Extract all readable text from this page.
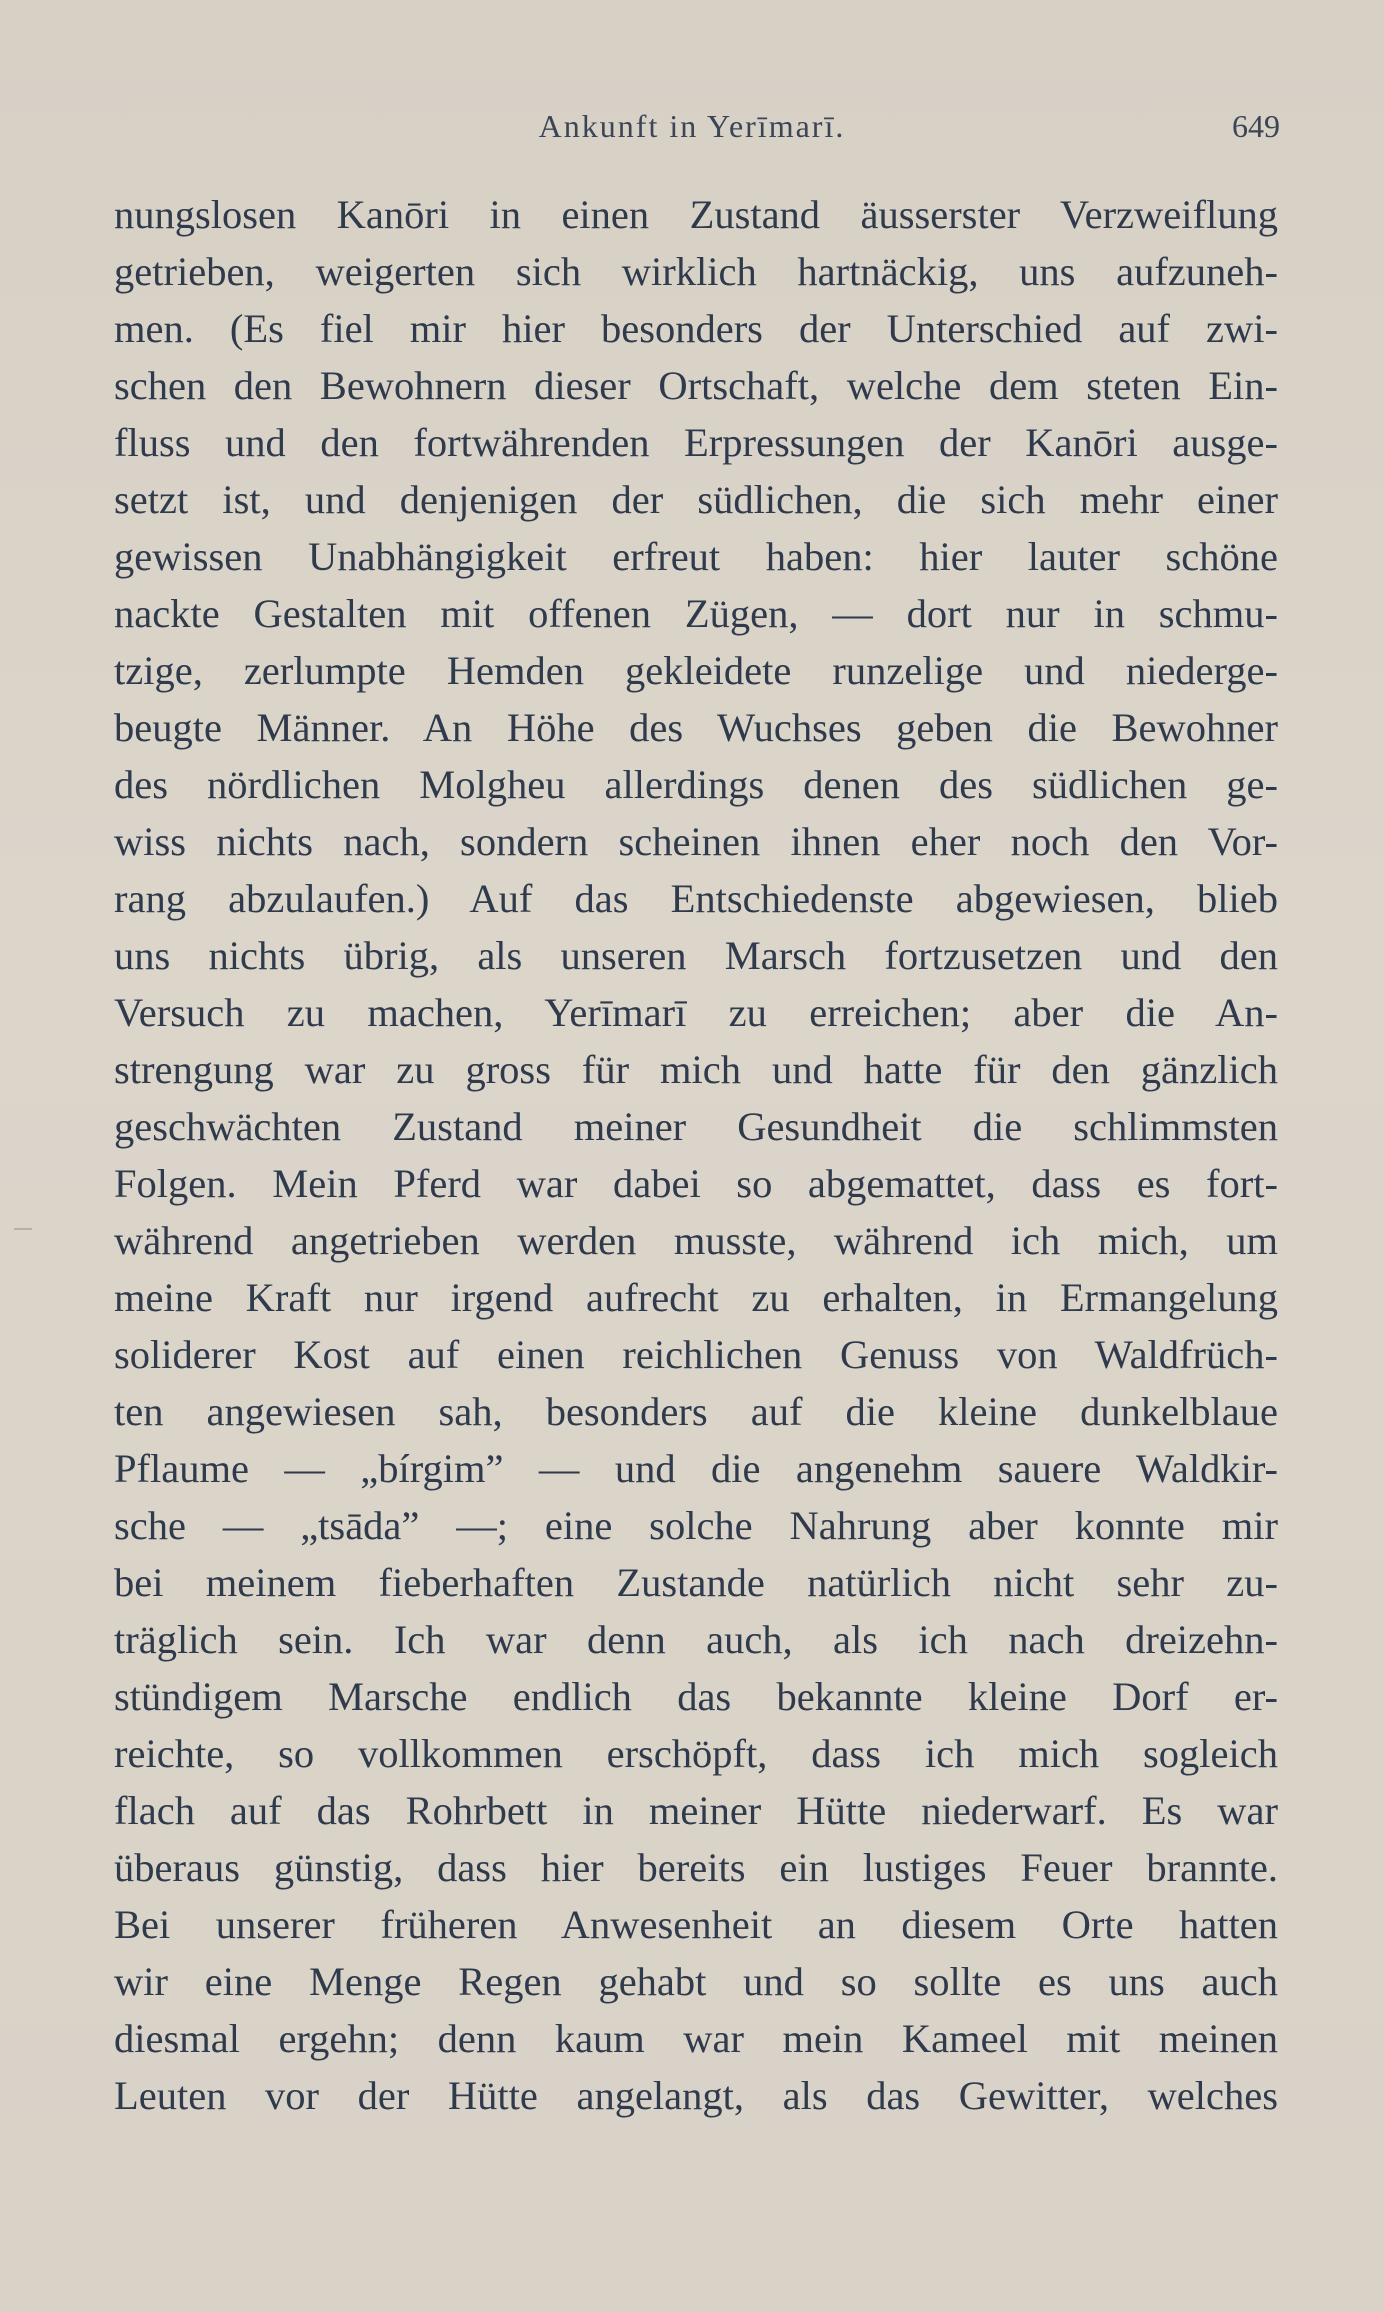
Ankunft in Yerīmarī.	649
nungslosen Kanōri in einen Zustand äusserster Verzweiflung
getrieben, weigerten sich wirklich hartnäckig, uns aufzuneh-
men. (Es fiel mir hier besonders der Unterschied auf zwi-
schen den Bewohnern dieser Ortschaft, welche dem steten Ein-
fluss und den fortwährenden Erpressungen der Kanōri ausge-
setzt ist, und denjenigen der südlichen, die sich mehr einer
gewissen Unabhängigkeit erfreut haben: hier lauter schöne
nackte Gestalten mit offenen Zügen, — dort nur in schmu-
tzige, zerlumpte Hemden gekleidete runzelige und niederge-
beugte Männer. An Höhe des Wuchses geben die Bewohner
des nördlichen Molgheu allerdings denen des südlichen ge-
wiss nichts nach, sondern scheinen ihnen eher noch den Vor-
rang abzulaufen.) Auf das Entschiedenste abgewiesen, blieb
uns nichts übrig, als unseren Marsch fortzusetzen und den
Versuch zu machen, Yerīmarī zu erreichen; aber die An-
strengung war zu gross für mich und hatte für den gänzlich
geschwächten Zustand meiner Gesundheit die schlimmsten
Folgen. Mein Pferd war dabei so abgemattet, dass es fort-
während angetrieben werden musste, während ich mich, um
meine Kraft nur irgend aufrecht zu erhalten, in Ermangelung
soliderer Kost auf einen reichlichen Genuss von Waldfrüch-
ten angewiesen sah, besonders auf die kleine dunkelblaue
Pflaume — „bírgim” — und die angenehm sauere Waldkir-
sche — „tsāda” —; eine solche Nahrung aber konnte mir
bei meinem fieberhaften Zustande natürlich nicht sehr zu-
träglich sein. Ich war denn auch, als ich nach dreizehn-
stündigem Marsche endlich das bekannte kleine Dorf er-
reichte, so vollkommen erschöpft, dass ich mich sogleich
flach auf das Rohrbett in meiner Hütte niederwarf. Es war
überaus günstig, dass hier bereits ein lustiges Feuer brannte.
Bei unserer früheren Anwesenheit an diesem Orte hatten
wir eine Menge Regen gehabt und so sollte es uns auch
diesmal ergehn; denn kaum war mein Kameel mit meinen
Leuten vor der Hütte angelangt, als das Gewitter, welches
